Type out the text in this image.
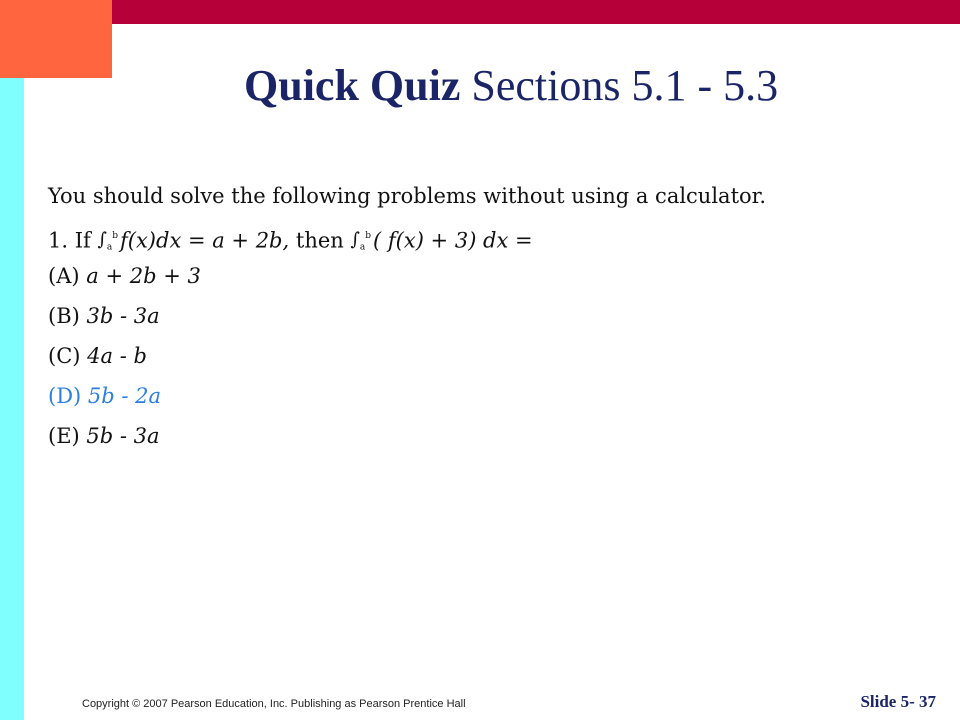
Quick Quiz Sections 5.1 - 5.3
You should solve the following problems without using a calculator.
1. If $\int_a^bf(x)dx = a + 2b$, then $\int_a^b$( f(x) + 3) dx =
(A) a + 2b + 3
(B) 3b - 3a
(C) 4a - b
(D) 5b - 2a
(E) 5b - 3a
Copyright © 2007 Pearson Education, Inc. Publishing as Pearson Prentice Hall	Slide 5- 37
